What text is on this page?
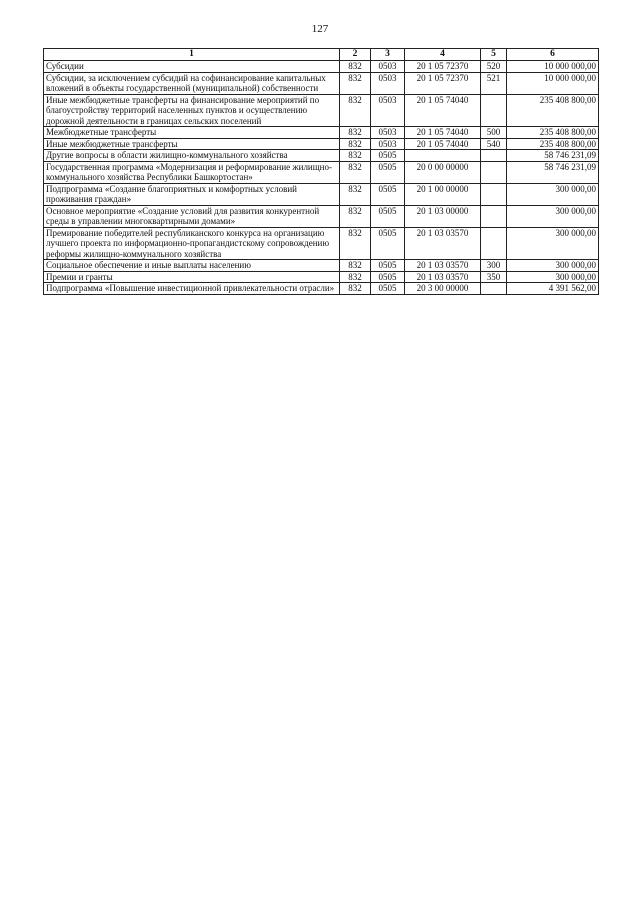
127
1	2	3	4	5	6
Субсидии	832	0503	20 1 05 72370	520	10 000 000,00
Субсидии, за исключением субсидий на софинансирование капитальных вложений в объекты государственной (муниципальной) собственности	832	0503	20 1 05 72370	521	10 000 000,00
Иные межбюджетные трансферты на финансирование мероприятий по благоустройству территорий населенных пунктов и осуществлению дорожной деятельности в границах сельских поселений	832	0503	20 1 05 74040		235 408 800,00
Межбюджетные трансферты	832	0503	20 1 05 74040	500	235 408 800,00
Иные межбюджетные трансферты	832	0503	20 1 05 74040	540	235 408 800,00
Другие вопросы в области жилищно-коммунального хозяйства	832	0505			58 746 231,09
Государственная программа «Модернизация и реформирование жилищно-коммунального хозяйства Республики Башкортостан»	832	0505	20 0 00 00000		58 746 231,09
Подпрограмма «Создание благоприятных и комфортных условий проживания граждан»	832	0505	20 1 00 00000		300 000,00
Основное мероприятие «Создание условий для развития конкурентной среды в управлении многоквартирными домами»	832	0505	20 1 03 00000		300 000,00
Премирование победителей республиканского конкурса на организацию лучшего проекта по информационно-пропагандистскому сопровождению реформы жилищно-коммунального хозяйства	832	0505	20 1 03 03570		300 000,00
Социальное обеспечение и иные выплаты населению	832	0505	20 1 03 03570	300	300 000,00
Премии и гранты	832	0505	20 1 03 03570	350	300 000,00
Подпрограмма «Повышение инвестиционной привлекательности отрасли»	832	0505	20 3 00 00000		4 391 562,00
